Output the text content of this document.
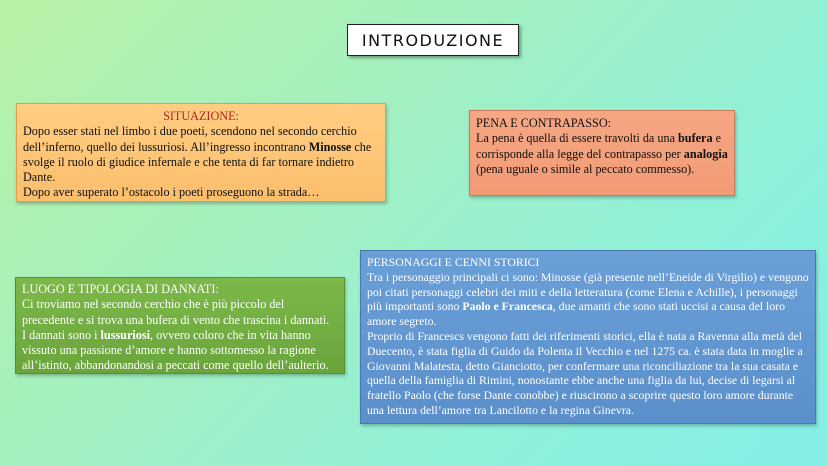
INTRODUZIONE
SITUAZIONE:
Dopo esser stati nel limbo i due poeti, scendono nel secondo cerchio dell’inferno, quello dei lussuriosi. All’ingresso incontrano Minosse che svolge il ruolo di giudice infernale e che tenta di far tornare indietro Dante.
Dopo aver superato l’ostacolo i poeti proseguono la strada…
PENA E CONTRAPASSO:
La pena è quella di essere travolti da una bufera e corrisponde alla legge del contrapasso per analogia (pena uguale o simile al peccato commesso).
LUOGO E TIPOLOGIA DI DANNATI:
Ci troviamo nel secondo cerchio che è più piccolo del precedente e si trova una bufera di vento che trascina i dannati.
I dannati sono i lussuriosi, ovvero coloro che in vita hanno vissuto una passione d’amore e hanno sottomesso la ragione all’istinto, abbandonandosi a peccati come quello dell’aulterio.
PERSONAGGI E CENNI STORICI
Tra i personaggio principali ci sono: Minosse (già presente nell’Eneide di Virgilio) e vengono poi citati personaggi celebri dei miti e della letteratura (come Elena e Achille), i personaggi più importanti sono Paolo e Francesca, due amanti che sono stati uccisi a causa del loro amore segreto.
Proprio di Francescs vengono fatti dei riferimenti storici, ella è nata a Ravenna alla metà del Duecento, è stata figlia di Guido da Polenta il Vecchio e nel 1275 ca. è stata data in moglie a Giovanni Malatesta, detto Gianciotto, per confermare una riconciliazione tra la sua casata e quella della famiglia di Rimini, nonostante ebbe anche una figlia da lui, decise di legarsi al fratello Paolo (che forse Dante conobbe) e riuscirono a scoprire questo loro amore durante una lettura dell’amore tra Lancilotto e la regina Ginevra.
